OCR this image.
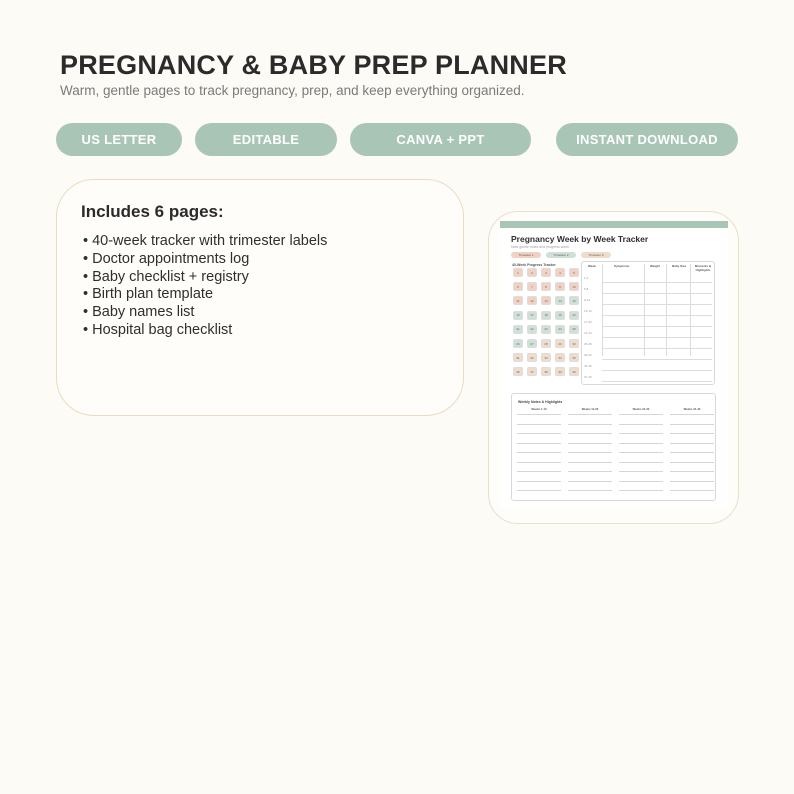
PREGNANCY & BABY PREP PLANNER
Warm, gentle pages to track pregnancy, prep, and keep everything organized.
US LETTER	EDITABLE	CANVA + PPT	INSTANT DOWNLOAD
Includes 6 pages:
• 40-week tracker with trimester labels
• Doctor appointments log
• Baby checklist + registry
• Birth plan template
• Baby names list
• Hospital bag checklist
Pregnancy Week by Week Tracker
Note gentle notes and progress week
Trimester 1	Trimester 2	Trimester 3
40-Week Progress Tracker
1	2	3	4	5
6	7	8	9	10
11	12	13	14	15
16	17	18	19	20
21	22	23	24	25
26	27	28	29	30
31	32	33	34	35
36	37	38	39	40
Week	Symptoms	Weight	Baby Size	Moments & Highlights
1-4
5-8
9-12
13-16
17-20
21-24
25-28
29-32
33-36
37-40
Weekly Notes & Highlights
Weeks 1-10	Weeks 11-20	Weeks 21-30	Weeks 31-40
